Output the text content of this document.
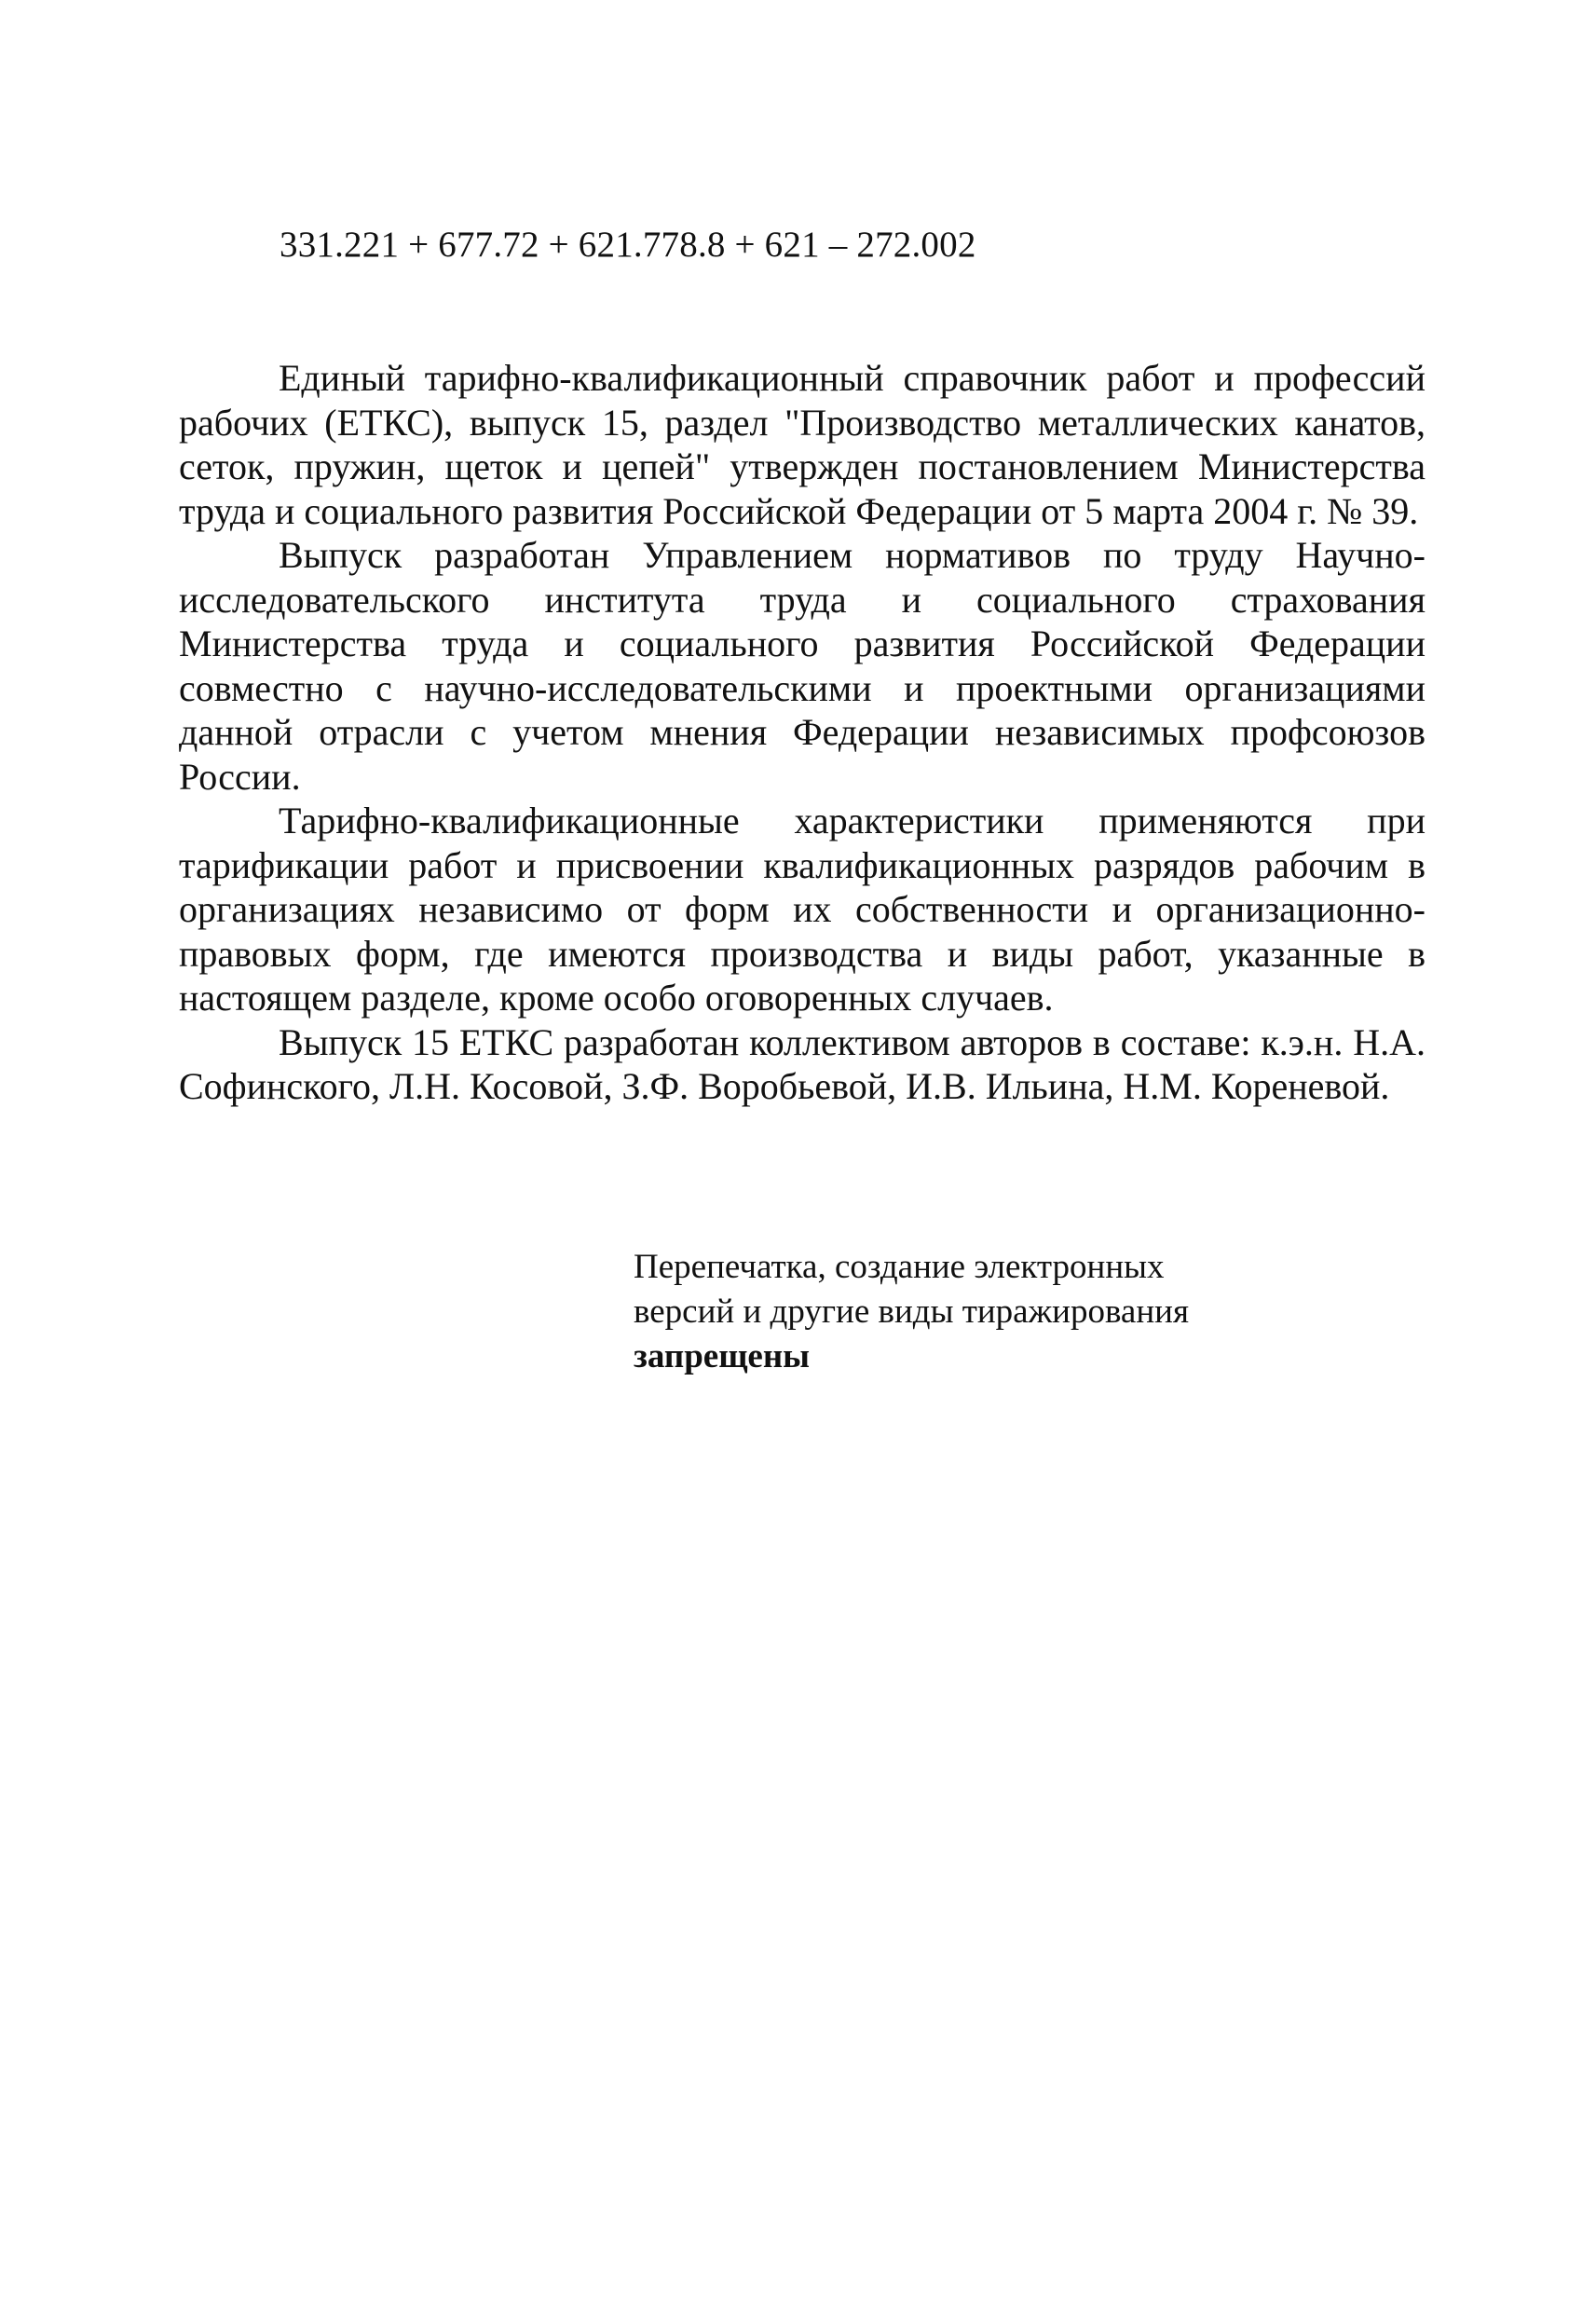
331.221 + 677.72 + 621.778.8 + 621 – 272.002

Единый тарифно-квалификационный справочник работ и профессий рабочих (ЕТКС), выпуск 15, раздел "Производство металлических канатов, сеток, пружин, щеток и цепей" утвержден постановлением Министерства труда и социального развития Российской Федерации от 5 марта 2004 г. № 39.

Выпуск разработан Управлением нормативов по труду Научно-исследовательского института труда и социального страхования Министерства труда и социального развития Российской Федерации совместно с научно-исследовательскими и проектными организациями данной отрасли с учетом мнения Федерации независимых профсоюзов России.

Тарифно-квалификационные характеристики применяются при тарификации работ и присвоении квалификационных разрядов рабочим в организациях независимо от форм их собственности и организационно-правовых форм, где имеются производства и виды работ, указанные в настоящем разделе, кроме особо оговоренных случаев.

Выпуск 15 ЕТКС разработан коллективом авторов в составе: к.э.н. Н.А. Софинского, Л.Н. Косовой, З.Ф. Воробьевой, И.В. Ильина, Н.М. Кореневой.

Перепечатка, создание электронных
версий и другие виды тиражирования
запрещены
